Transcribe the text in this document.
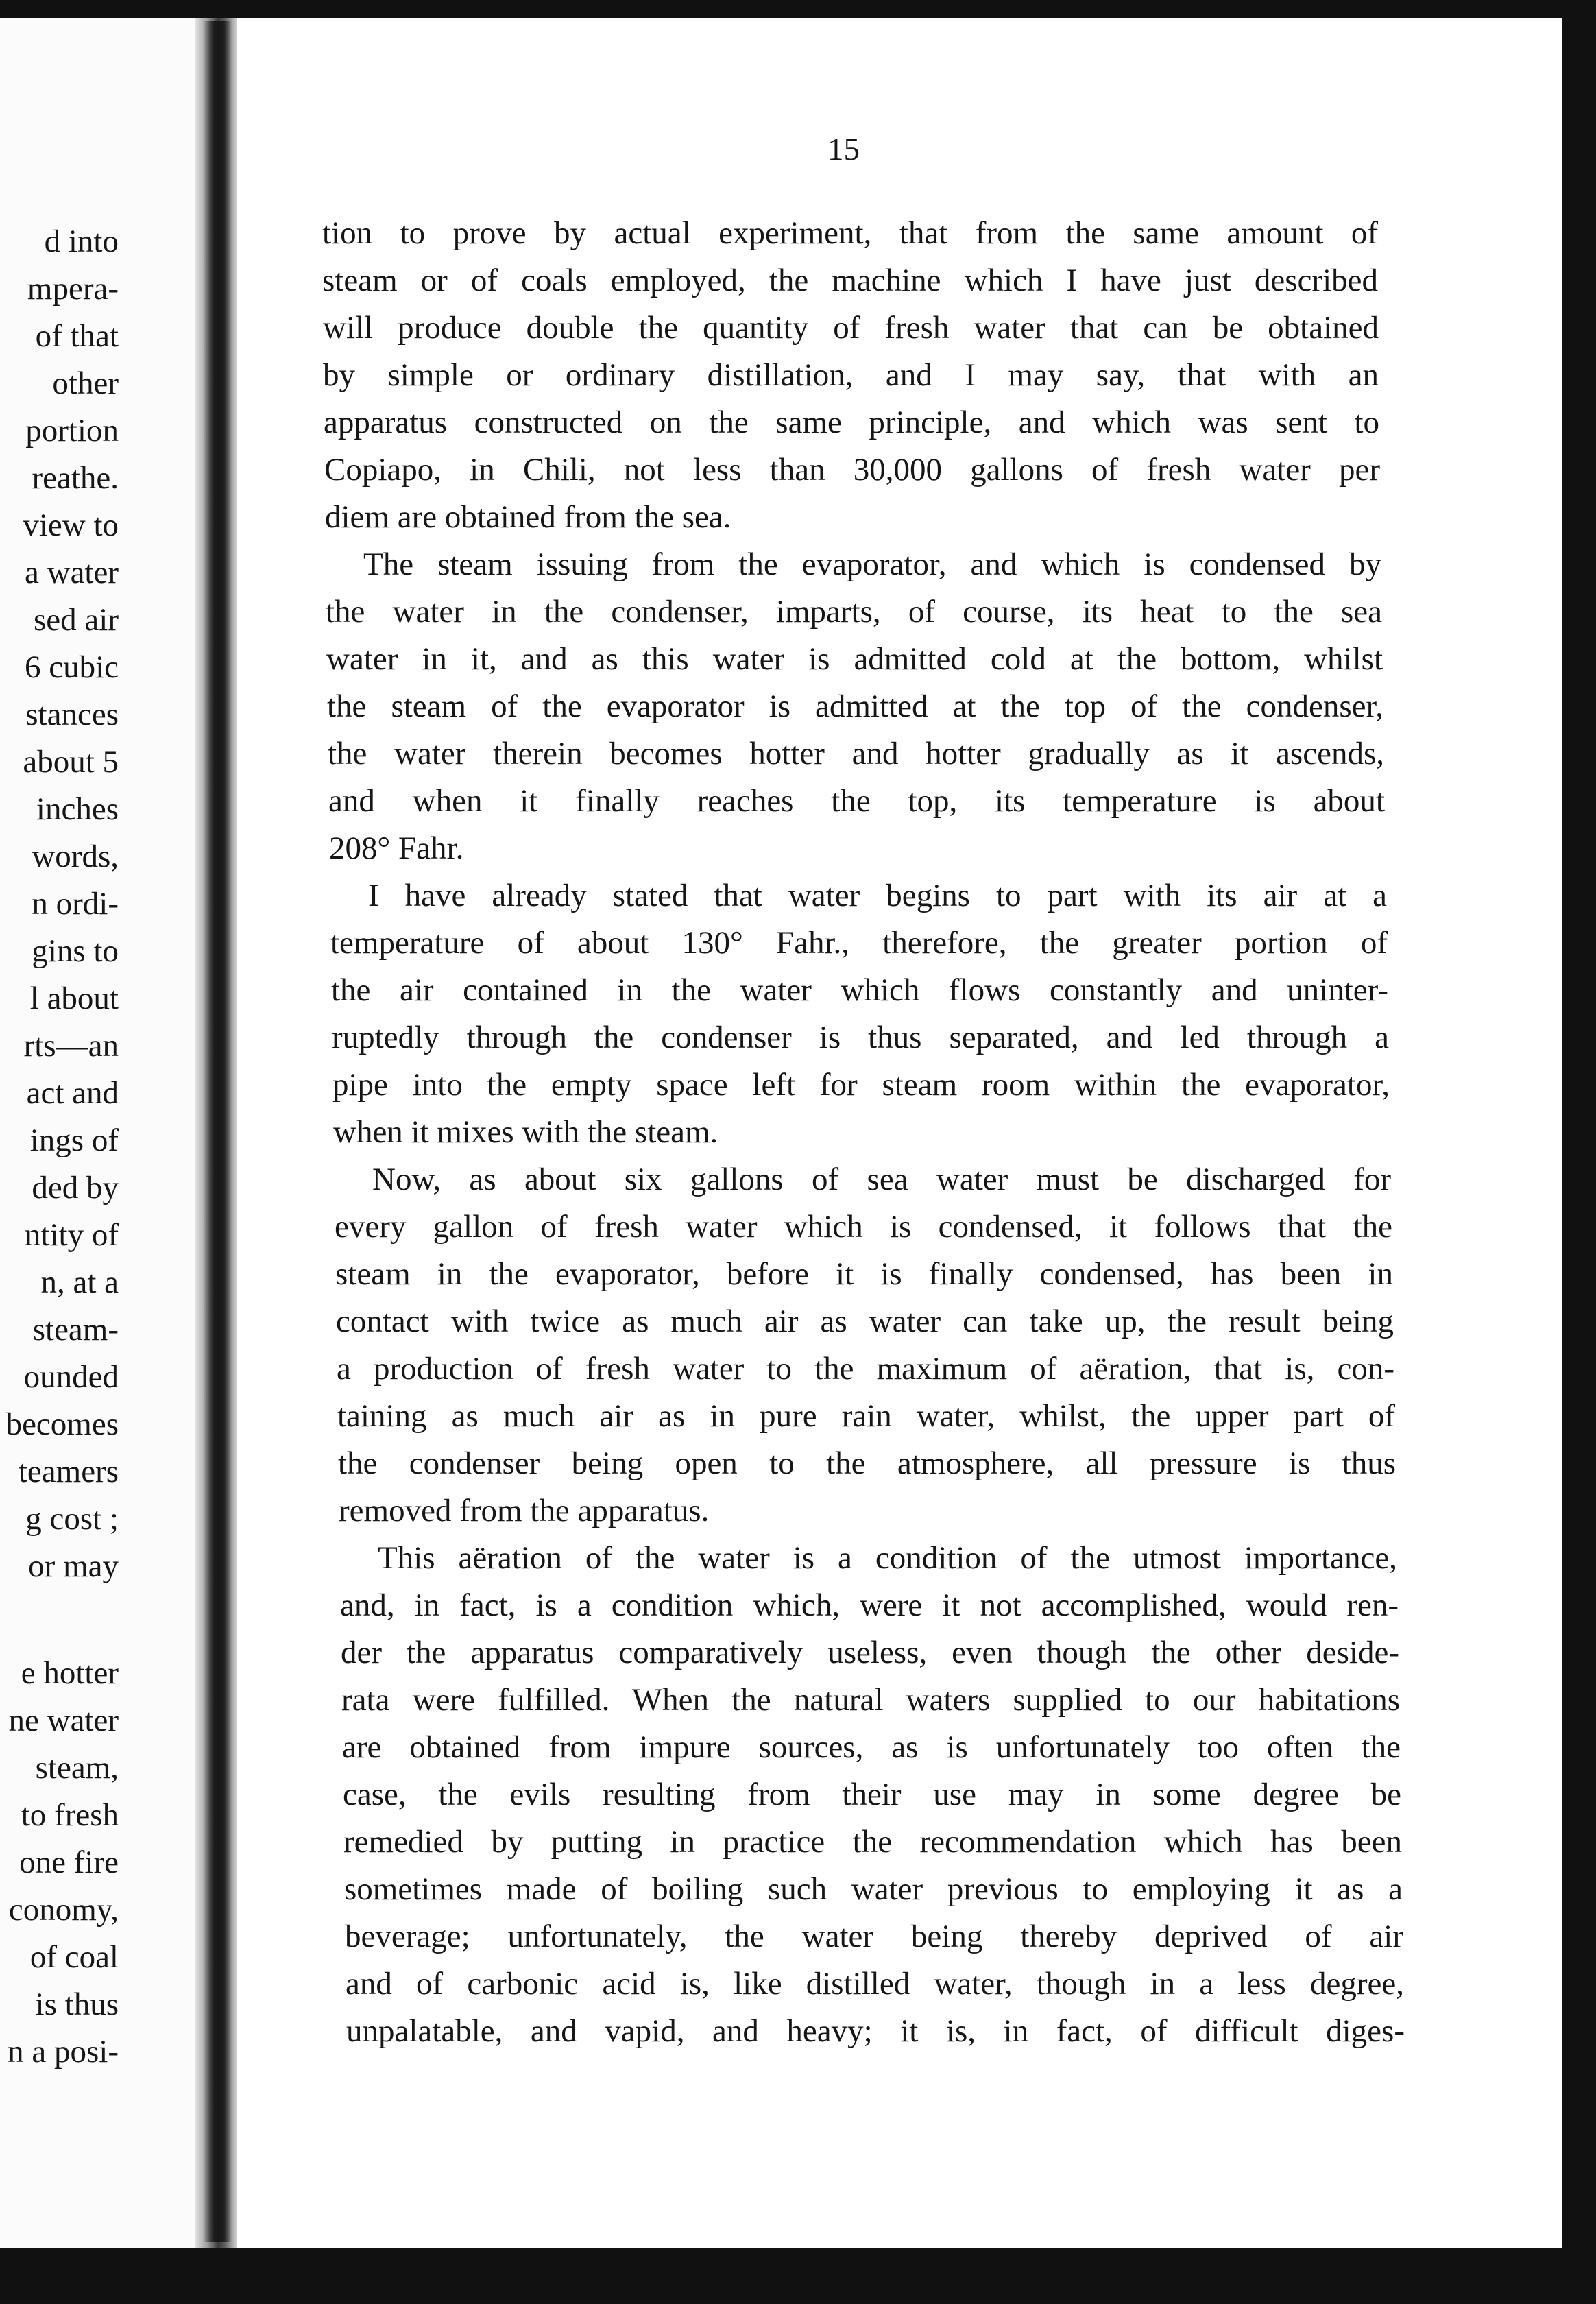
d into
mpera-
of that
other
portion
reathe.
view to
a water
sed air
6 cubic
stances
about 5
inches
words,
n ordi-
gins to
l about
rts—an
act and
ings of
ded by
ntity of
n, at a
steam-
ounded
becomes
teamers
g cost ;
or may
e hotter
ne water
steam,
to fresh
one fire
conomy,
of coal
is thus
n a posi-
15
tion to prove by actual experiment, that from the same amount of
steam or of coals employed, the machine which I have just described
will produce double the quantity of fresh water that can be obtained
by simple or ordinary distillation, and I may say, that with an
apparatus constructed on the same principle, and which was sent to
Copiapo, in Chili, not less than 30,000 gallons of fresh water per
diem are obtained from the sea.
The steam issuing from the evaporator, and which is condensed by
the water in the condenser, imparts, of course, its heat to the sea
water in it, and as this water is admitted cold at the bottom, whilst
the steam of the evaporator is admitted at the top of the condenser,
the water therein becomes hotter and hotter gradually as it ascends,
and when it finally reaches the top, its temperature is about
208° Fahr.
I have already stated that water begins to part with its air at a
temperature of about 130° Fahr., therefore, the greater portion of
the air contained in the water which flows constantly and uninter-
ruptedly through the condenser is thus separated, and led through a
pipe into the empty space left for steam room within the evaporator,
when it mixes with the steam.
Now, as about six gallons of sea water must be discharged for
every gallon of fresh water which is condensed, it follows that the
steam in the evaporator, before it is finally condensed, has been in
contact with twice as much air as water can take up, the result being
a production of fresh water to the maximum of aëration, that is, con-
taining as much air as in pure rain water, whilst, the upper part of
the condenser being open to the atmosphere, all pressure is thus
removed from the apparatus.
This aëration of the water is a condition of the utmost importance,
and, in fact, is a condition which, were it not accomplished, would ren-
der the apparatus comparatively useless, even though the other deside-
rata were fulfilled. When the natural waters supplied to our habitations
are obtained from impure sources, as is unfortunately too often the
case, the evils resulting from their use may in some degree be
remedied by putting in practice the recommendation which has been
sometimes made of boiling such water previous to employing it as a
beverage; unfortunately, the water being thereby deprived of air
and of carbonic acid is, like distilled water, though in a less degree,
unpalatable, and vapid, and heavy; it is, in fact, of difficult diges-
